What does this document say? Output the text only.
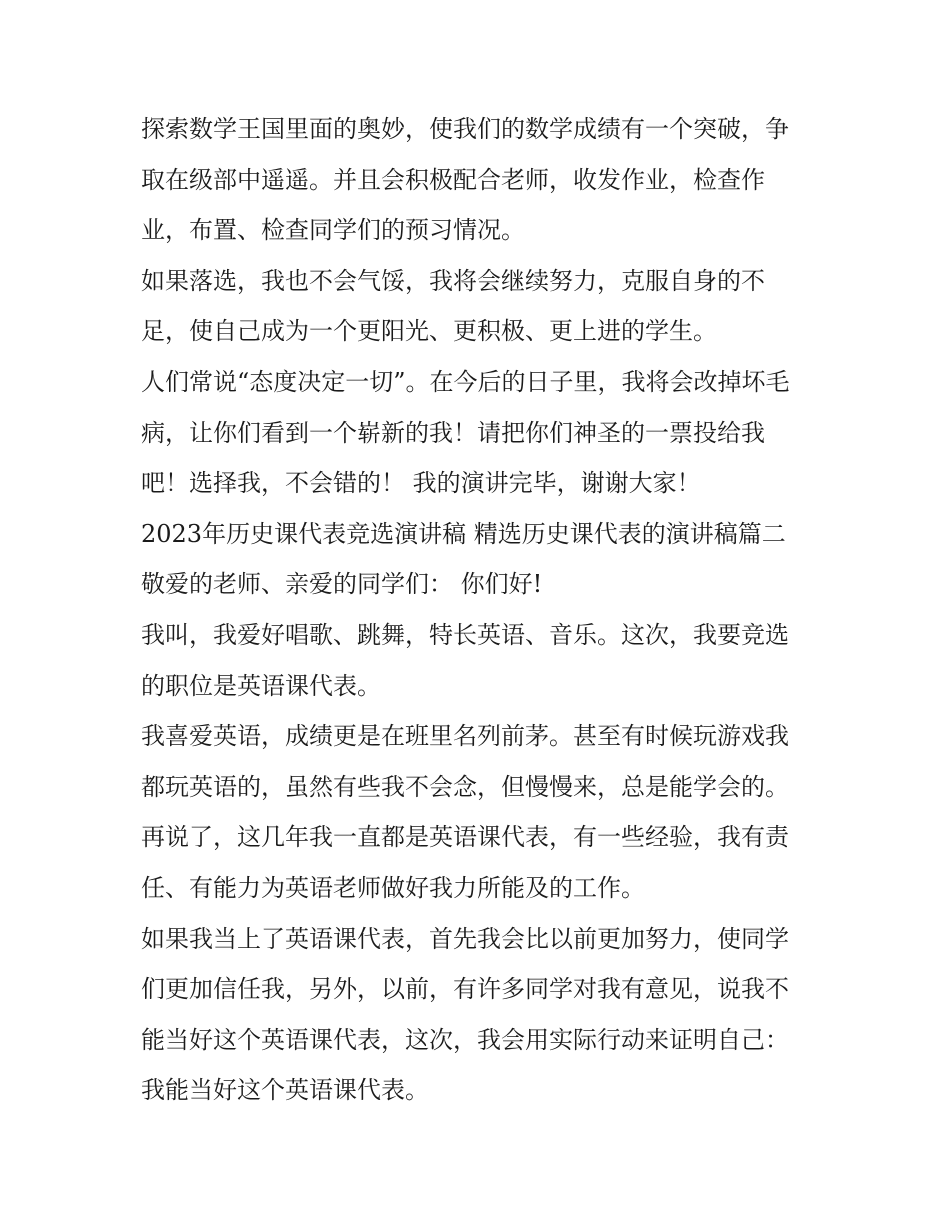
探索数学王国里面的奥妙，使我们的数学成绩有一个突破，争
取在级部中遥遥。并且会积极配合老师，收发作业，检查作
业，布置、检查同学们的预习情况。
如果落选，我也不会气馁，我将会继续努力，克服自身的不
足，使自己成为一个更阳光、更积极、更上进的学生。
人们常说“态度决定一切”。在今后的日子里，我将会改掉坏毛
病，让你们看到一个崭新的我！请把你们神圣的一票投给我
吧！选择我，不会错的！ 我的演讲完毕，谢谢大家！
2023年历史课代表竞选演讲稿 精选历史课代表的演讲稿篇二
敬爱的老师、亲爱的同学们： 你们好!
我叫，我爱好唱歌、跳舞，特长英语、音乐。这次，我要竞选
的职位是英语课代表。
我喜爱英语，成绩更是在班里名列前茅。甚至有时候玩游戏我
都玩英语的，虽然有些我不会念，但慢慢来，总是能学会的。
再说了，这几年我一直都是英语课代表，有一些经验，我有责
任、有能力为英语老师做好我力所能及的工作。
如果我当上了英语课代表，首先我会比以前更加努力，使同学
们更加信任我，另外，以前，有许多同学对我有意见，说我不
能当好这个英语课代表，这次，我会用实际行动来证明自己：
我能当好这个英语课代表。
